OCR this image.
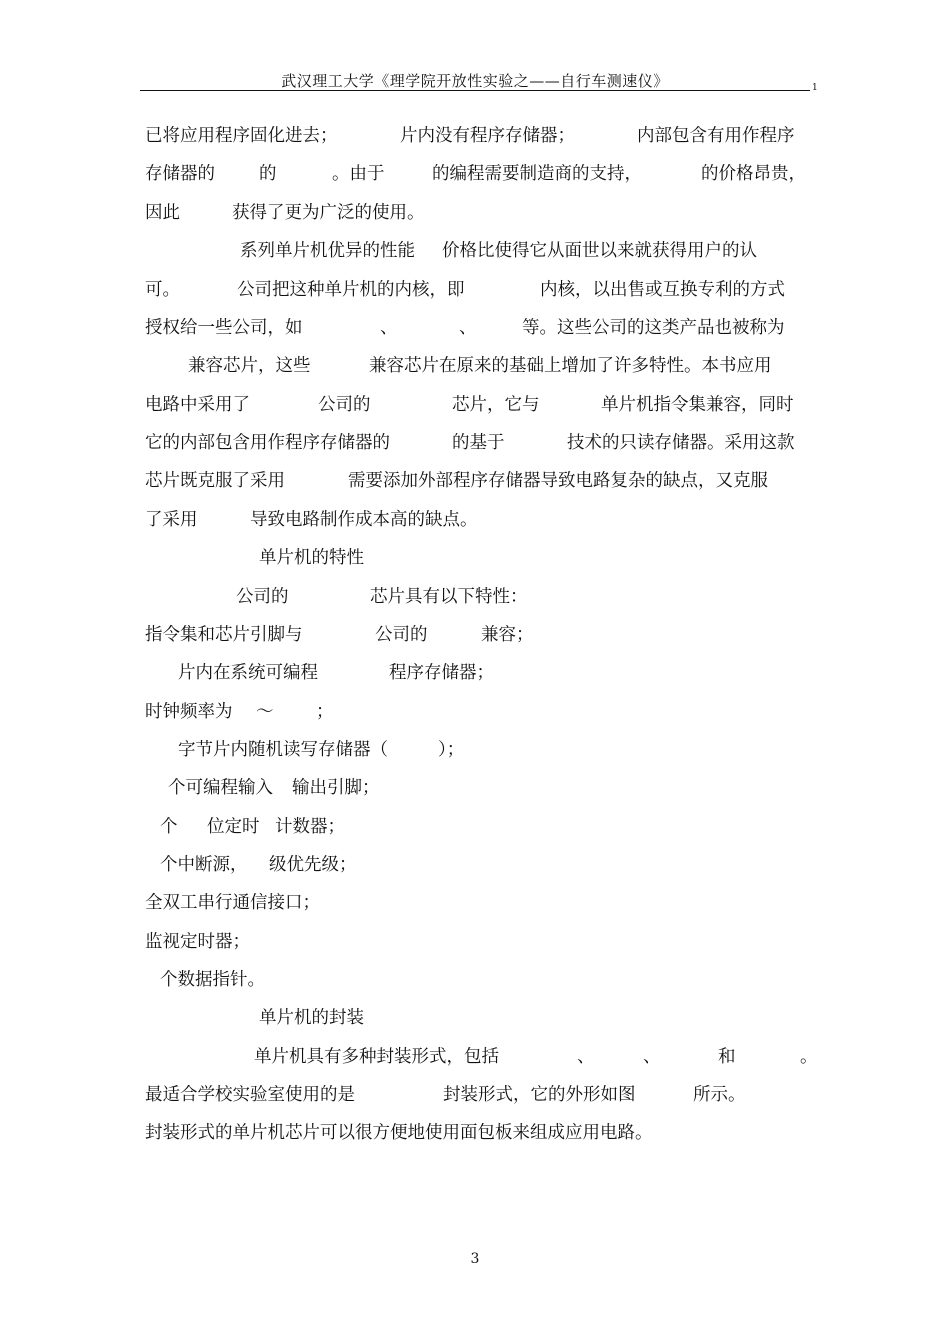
武汉理工大学《理学院开放性实验之——自行车测速仪》	1
已将应用程序固化进去；	片内没有程序存储器；	内部包含有用作程序
存储器的	的	。由于	的编程需要制造商的支持，	的价格昂贵，
因此	获得了更为广泛的使用。
系列单片机优异的性能 价格比使得它从面世以来就获得用户的认
可。	公司把这种单片机的内核，即	内核，以出售或互换专利的方式
授权给一些公司，如	、	、	等。这些公司的这类产品也被称为
兼容芯片，这些	兼容芯片在原来的基础上增加了许多特性。本书应用
电路中采用了	公司的	芯片，它与	单片机指令集兼容，同时
它的内部包含用作程序存储器的	的基于	技术的只读存储器。采用这款
芯片既克服了采用	需要添加外部程序存储器导致电路复杂的缺点，又克服
了采用	导致电路制作成本高的缺点。
单片机的特性
公司的	芯片具有以下特性：
指令集和芯片引脚与	公司的	兼容；
片内在系统可编程	程序存储器；
时钟频率为 ～ ；
字节片内随机读写存储器（	）；
个可编程输入 输出引脚；
个 位定时 计数器；
个中断源， 级优先级；
全双工串行通信接口；
监视定时器；
个数据指针。
单片机的封装
单片机具有多种封装形式，包括	、	、	和	。
最适合学校实验室使用的是	封装形式，它的外形如图	所示。
封装形式的单片机芯片可以很方便地使用面包板来组成应用电路。
3
